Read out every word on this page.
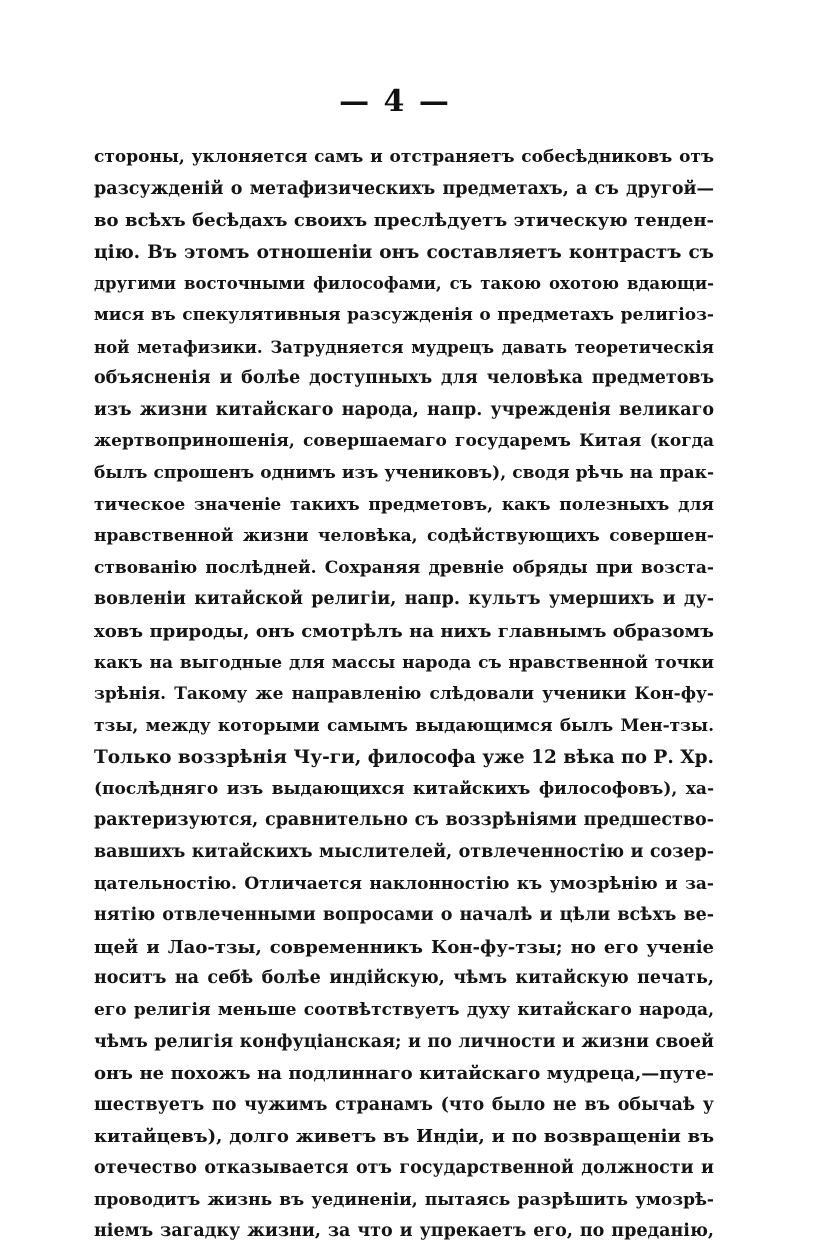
— 4 —
стороны, уклоняется самъ и отстраняетъ собесѣдниковъ отъ
разсужденій о метафизическихъ предметахъ, а съ другой—
во всѣхъ бесѣдахъ своихъ преслѣдуетъ этическую тенден-
цію. Въ этомъ отношеніи онъ составляетъ контрастъ съ
другими восточными философами, съ такою охотою вдающи-
мися въ спекулятивныя разсужденія о предметахъ религіоз-
ной метафизики. Затрудняется мудрецъ давать теоретическія
объясненія и болѣе доступныхъ для человѣка предметовъ
изъ жизни китайскаго народа, напр. учрежденія великаго
жертвоприношенія, совершаемаго государемъ Китая (когда
былъ спрошенъ однимъ изъ учениковъ), сводя рѣчь на прак-
тическое значеніе такихъ предметовъ, какъ полезныхъ для
нравственной жизни человѣка, содѣйствующихъ совершен-
ствованію послѣдней. Сохраняя древніе обряды при возста-
вовленіи китайской религіи, напр. культъ умершихъ и ду-
ховъ природы, онъ смотрѣлъ на нихъ главнымъ образомъ
какъ на выгодные для массы народа съ нравственной точки
зрѣнія. Такому же направленію слѣдовали ученики Кон-фу-
тзы, между которыми самымъ выдающимся былъ Мен-тзы.
Только воззрѣнія Чу-ги, философа уже 12 вѣка по Р. Хр.
(послѣдняго изъ выдающихся китайскихъ философовъ), ха-
рактеризуются, сравнительно съ воззрѣніями предшество-
вавшихъ китайскихъ мыслителей, отвлеченностію и созер-
цательностію. Отличается наклонностію къ умозрѣнію и за-
нятію отвлеченными вопросами о началѣ и цѣли всѣхъ ве-
щей и Лао-тзы, современникъ Кон-фу-тзы; но его ученіе
носитъ на себѣ болѣе индійскую, чѣмъ китайскую печать,
его религія меньше соотвѣтствуетъ духу китайскаго народа,
чѣмъ религія конфуціанская; и по личности и жизни своей
онъ не похожъ на подлиннаго китайскаго мудреца,—путе-
шествуетъ по чужимъ странамъ (что было не въ обычаѣ у
китайцевъ), долго живетъ въ Индіи, и по возвращеніи въ
отечество отказывается отъ государственной должности и
проводитъ жизнь въ уединеніи, пытаясь разрѣшить умозрѣ-
ніемъ загадку жизни, за что и упрекаетъ его, по преданію,
